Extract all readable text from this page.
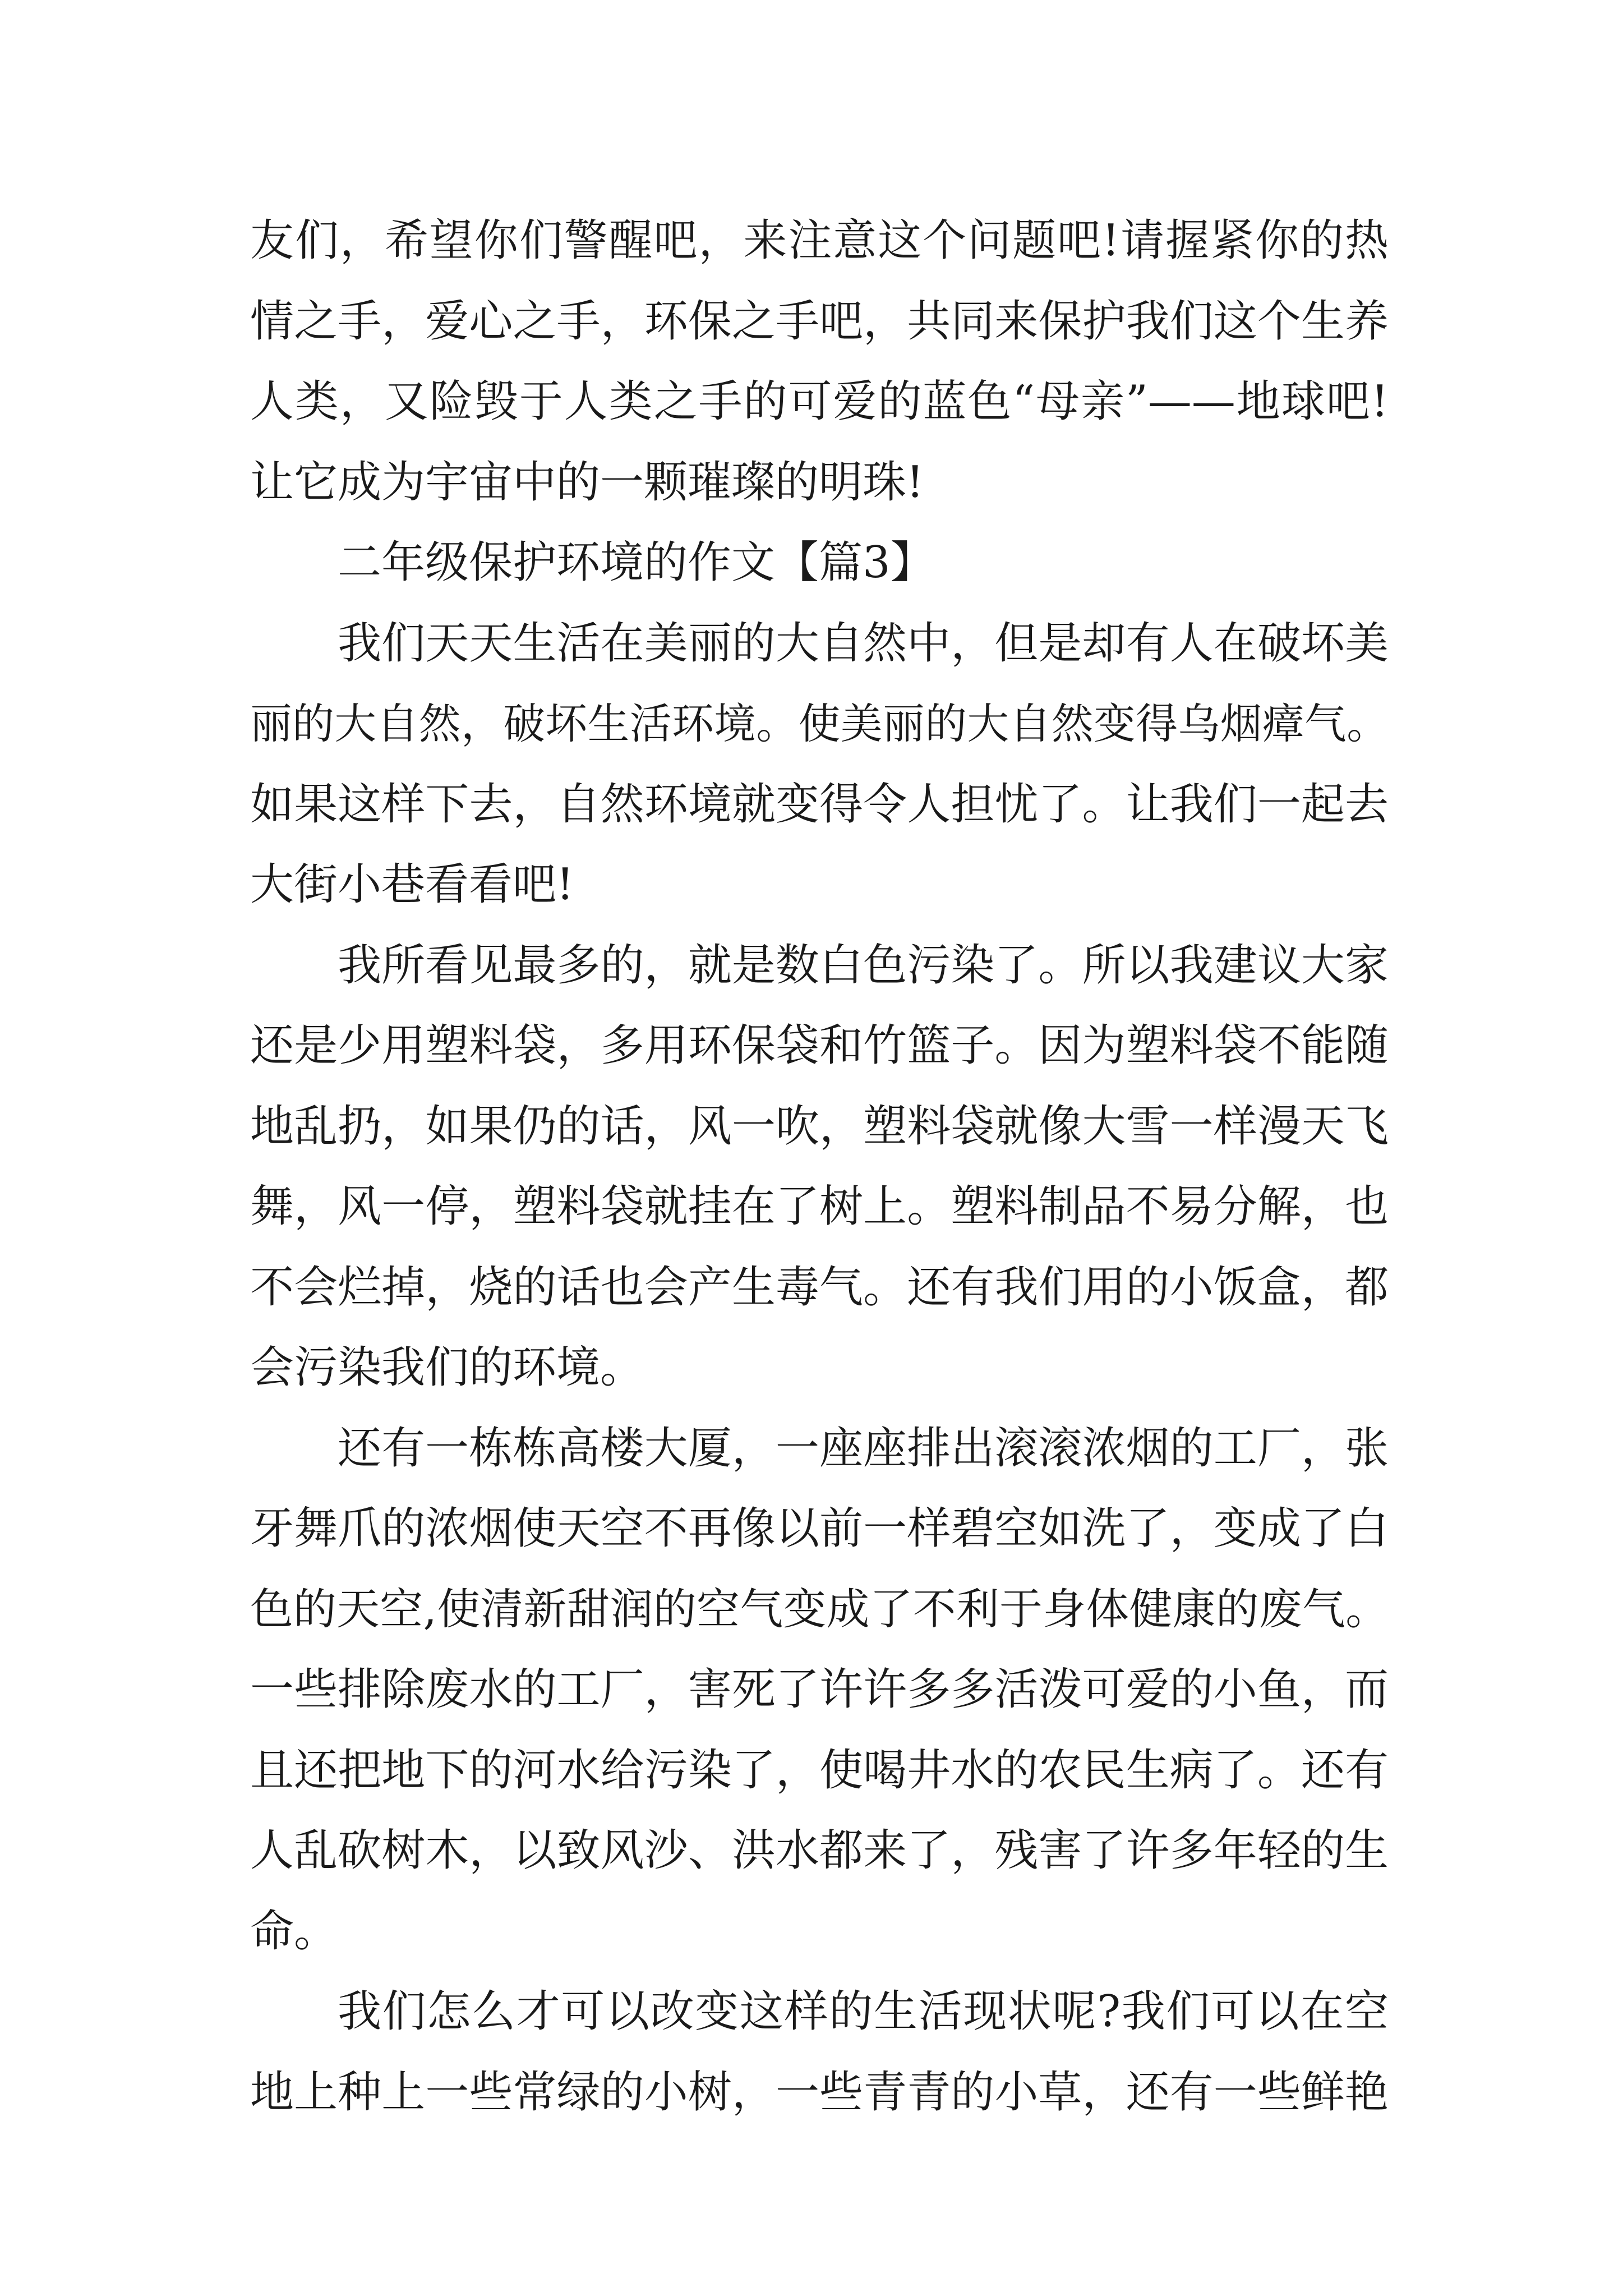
友们，希望你们警醒吧，来注意这个问题吧!请握紧你的热
情之手，爱心之手，环保之手吧，共同来保护我们这个生养
人类，又险毁于人类之手的可爱的蓝色“母亲”——地球吧!
让它成为宇宙中的一颗璀璨的明珠!
二年级保护环境的作文【篇3】
我们天天生活在美丽的大自然中，但是却有人在破坏美
丽的大自然，破坏生活环境。使美丽的大自然变得乌烟瘴气。
如果这样下去，自然环境就变得令人担忧了。让我们一起去
大街小巷看看吧!
我所看见最多的，就是数白色污染了。所以我建议大家
还是少用塑料袋，多用环保袋和竹篮子。因为塑料袋不能随
地乱扔，如果仍的话，风一吹，塑料袋就像大雪一样漫天飞
舞，风一停，塑料袋就挂在了树上。塑料制品不易分解，也
不会烂掉，烧的话也会产生毒气。还有我们用的小饭盒，都
会污染我们的环境。
还有一栋栋高楼大厦，一座座排出滚滚浓烟的工厂，张
牙舞爪的浓烟使天空不再像以前一样碧空如洗了，变成了白
色的天空,使清新甜润的空气变成了不利于身体健康的废气。
一些排除废水的工厂，害死了许许多多活泼可爱的小鱼，而
且还把地下的河水给污染了，使喝井水的农民生病了。还有
人乱砍树木，以致风沙、洪水都来了，残害了许多年轻的生
命。
我们怎么才可以改变这样的生活现状呢?我们可以在空
地上种上一些常绿的小树，一些青青的小草，还有一些鲜艳
